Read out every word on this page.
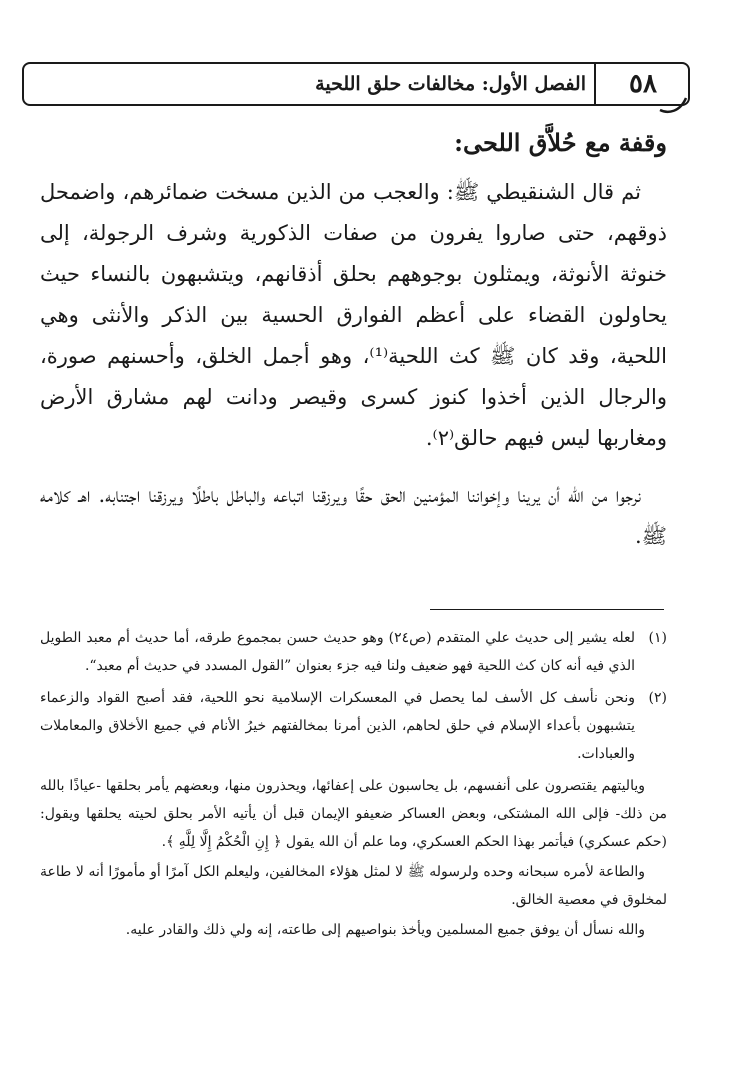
٥٨
الفصل الأول: مخالفات حلق اللحية
وقفة مع حُلاَّق اللحى:

ثم قال الشنقيطي ﷺ: والعجب من الذين مسخت ضمائرهم، واضمحل ذوقهم، حتى صاروا يفرون من صفات الذكورية وشرف الرجولة، إلى خنوثة الأنوثة، ويمثلون بوجوههم بحلق أذقانهم، ويتشبهون بالنساء حيث يحاولون القضاء على أعظم الفوارق الحسية بين الذكر والأنثى وهي اللحية، وقد كان ﷺ كث اللحية⁽¹⁾، وهو أجمل الخلق، وأحسنهم صورة، والرجال الذين أخذوا كنوز كسرى وقيصر ودانت لهم مشارق الأرض ومغاربها ليس فيهم حالق⁽٢⁾.

نرجوا من الله أن يرينا وإخواننا المؤمنين الحق حقًا ويرزقنا اتباعه والباطل باطلًا ويرزقنا اجتنابه. اهـ كلامه ﷺ.

(١)

لعله يشير إلى حديث علي المتقدم (ص٢٤) وهو حديث حسن بمجموع طرقه، أما حديث أم معبد الطويل الذي فيه أنه كان كث اللحية فهو ضعيف ولنا فيه جزء بعنوان ”القول المسدد في حديث أم معبد“.

(٢)

ونحن نأسف كل الأسف لما يحصل في المعسكرات الإسلامية نحو اللحية، فقد أصبح القواد والزعماء يتشبهون بأعداء الإسلام في حلق لحاهم، الذين أمرنا بمخالفتهم خيرُ الأنام في جميع الأخلاق والمعاملات والعبادات.

وياليتهم يقتصرون على أنفسهم، بل يحاسبون على إعفائها، ويحذرون منها، وبعضهم يأمر بحلقها -عياذًا بالله من ذلك- فإلى الله المشتكى، وبعض العساكر ضعيفو الإيمان قبل أن يأتيه الأمر بحلق لحيته يحلقها ويقول: (حكم عسكري) فيأتمر بهذا الحكم العسكري، وما علم أن الله يقول ﴿ إِنِ الْحُكْمُ إِلَّا لِلَّهِ ﴾.

والطاعة لأمره سبحانه وحده ولرسوله ﷺ لا لمثل هؤلاء المخالفين، وليعلم الكل آمرًا أو مأمورًا أنه لا طاعة لمخلوق في معصية الخالق.

والله نسأل أن يوفق جميع المسلمين ويأخذ بنواصيهم إلى طاعته، إنه ولي ذلك والقادر عليه.
